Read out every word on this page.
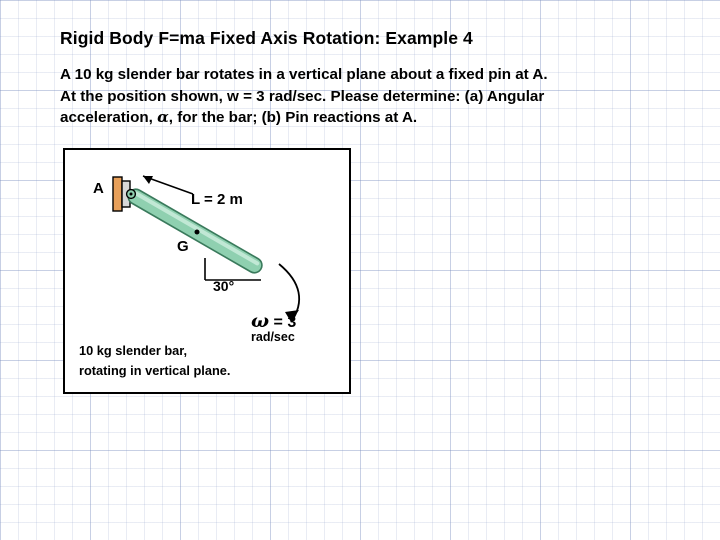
Rigid Body F=ma Fixed Axis Rotation: Example 4
A 10 kg slender bar rotates in a vertical plane about a fixed pin at A.
At the position shown, w = 3 rad/sec. Please determine: (a) Angular
acceleration, α, for the bar; (b) Pin reactions at A.
A
L = 2 m
G
30°
ω = 3
rad/sec
10 kg slender bar,
rotating in vertical plane.
